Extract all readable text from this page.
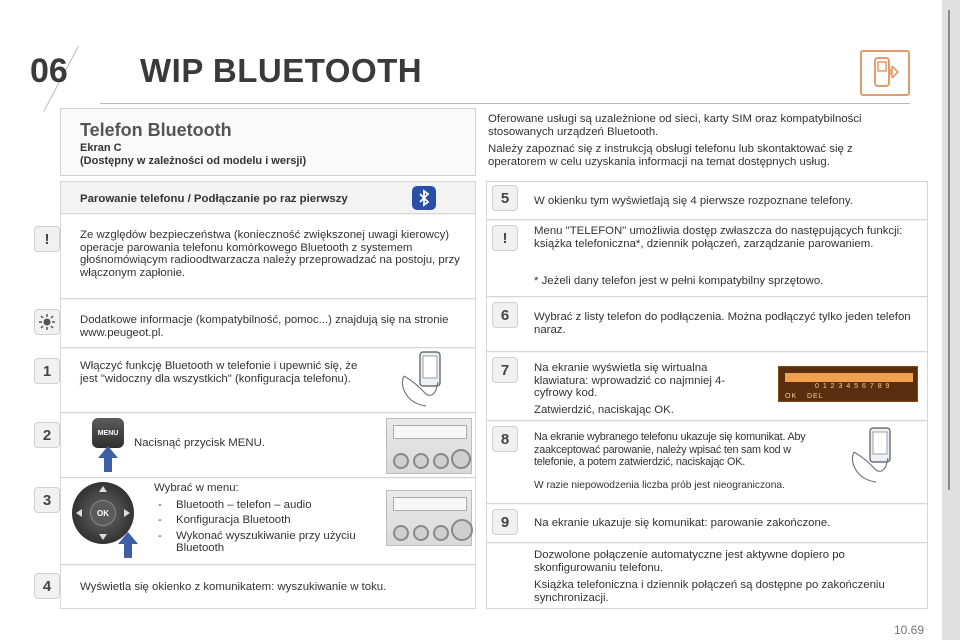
06 WIP BLUETOOTH
Telefon Bluetooth
Ekran C
(Dostępny w zależności od modelu i wersji)

Oferowane usługi są uzależnione od sieci, karty SIM oraz kompatybilności stosowanych urządzeń Bluetooth.

Należy zapoznać się z instrukcją obsługi telefonu lub skontaktować się z operatorem w celu uzyskania informacji na temat dostępnych usług.

Parowanie telefonu / Podłączanie po raz pierwszy
!	Ze względów bezpieczeństwa (konieczność zwiększonej uwagi kierowcy) operacje parowania telefonu komórkowego Bluetooth z systemem głośnomówiącym radioodtwarzacza należy przeprowadzać na postoju, przy włączonym zapłonie.
Dodatkowe informacje (kompatybilność, pomoc...) znajdują się na stronie www.peugeot.pl.
1	Włączyć funkcję Bluetooth w telefonie i upewnić się, że jest "widoczny dla wszystkich" (konfiguracja telefonu).
2	MENU
Nacisnąć przycisk MENU.
3
OK
Wybrać w menu:
- Bluetooth – telefon – audio
- Konfiguracja Bluetooth
- Wykonać wyszukiwanie przy użyciu Bluetooth
4	Wyświetla się okienko z komunikatem: wyszukiwanie w toku.
5	W okienku tym wyświetlają się 4 pierwsze rozpoznane telefony.
!	Menu "TELEFON" umożliwia dostęp zwłaszcza do następujących funkcji: książka telefoniczna*, dziennik połączeń, zarządzanie parowaniem.
* Jeżeli dany telefon jest w pełni kompatybilny sprzętowo.
6	Wybrać z listy telefon do podłączenia. Można podłączyć tylko jeden telefon naraz.
7	Na ekranie wyświetla się wirtualna klawiatura: wprowadzić co najmniej 4-cyfrowy kod.
Zatwierdzić, naciskając OK.
0 1 2 3 4 5 6 7 8 9
OK DEL
8	Na ekranie wybranego telefonu ukazuje się komunikat. Aby zaakceptować parowanie, należy wpisać ten sam kod w telefonie, a potem zatwierdzić, naciskając OK.
W razie niepowodzenia liczba prób jest nieograniczona.
9	Na ekranie ukazuje się komunikat: parowanie zakończone.
Dozwolone połączenie automatyczne jest aktywne dopiero po skonfigurowaniu telefonu.
Książka telefoniczna i dziennik połączeń są dostępne po zakończeniu synchronizacji.
10.69
